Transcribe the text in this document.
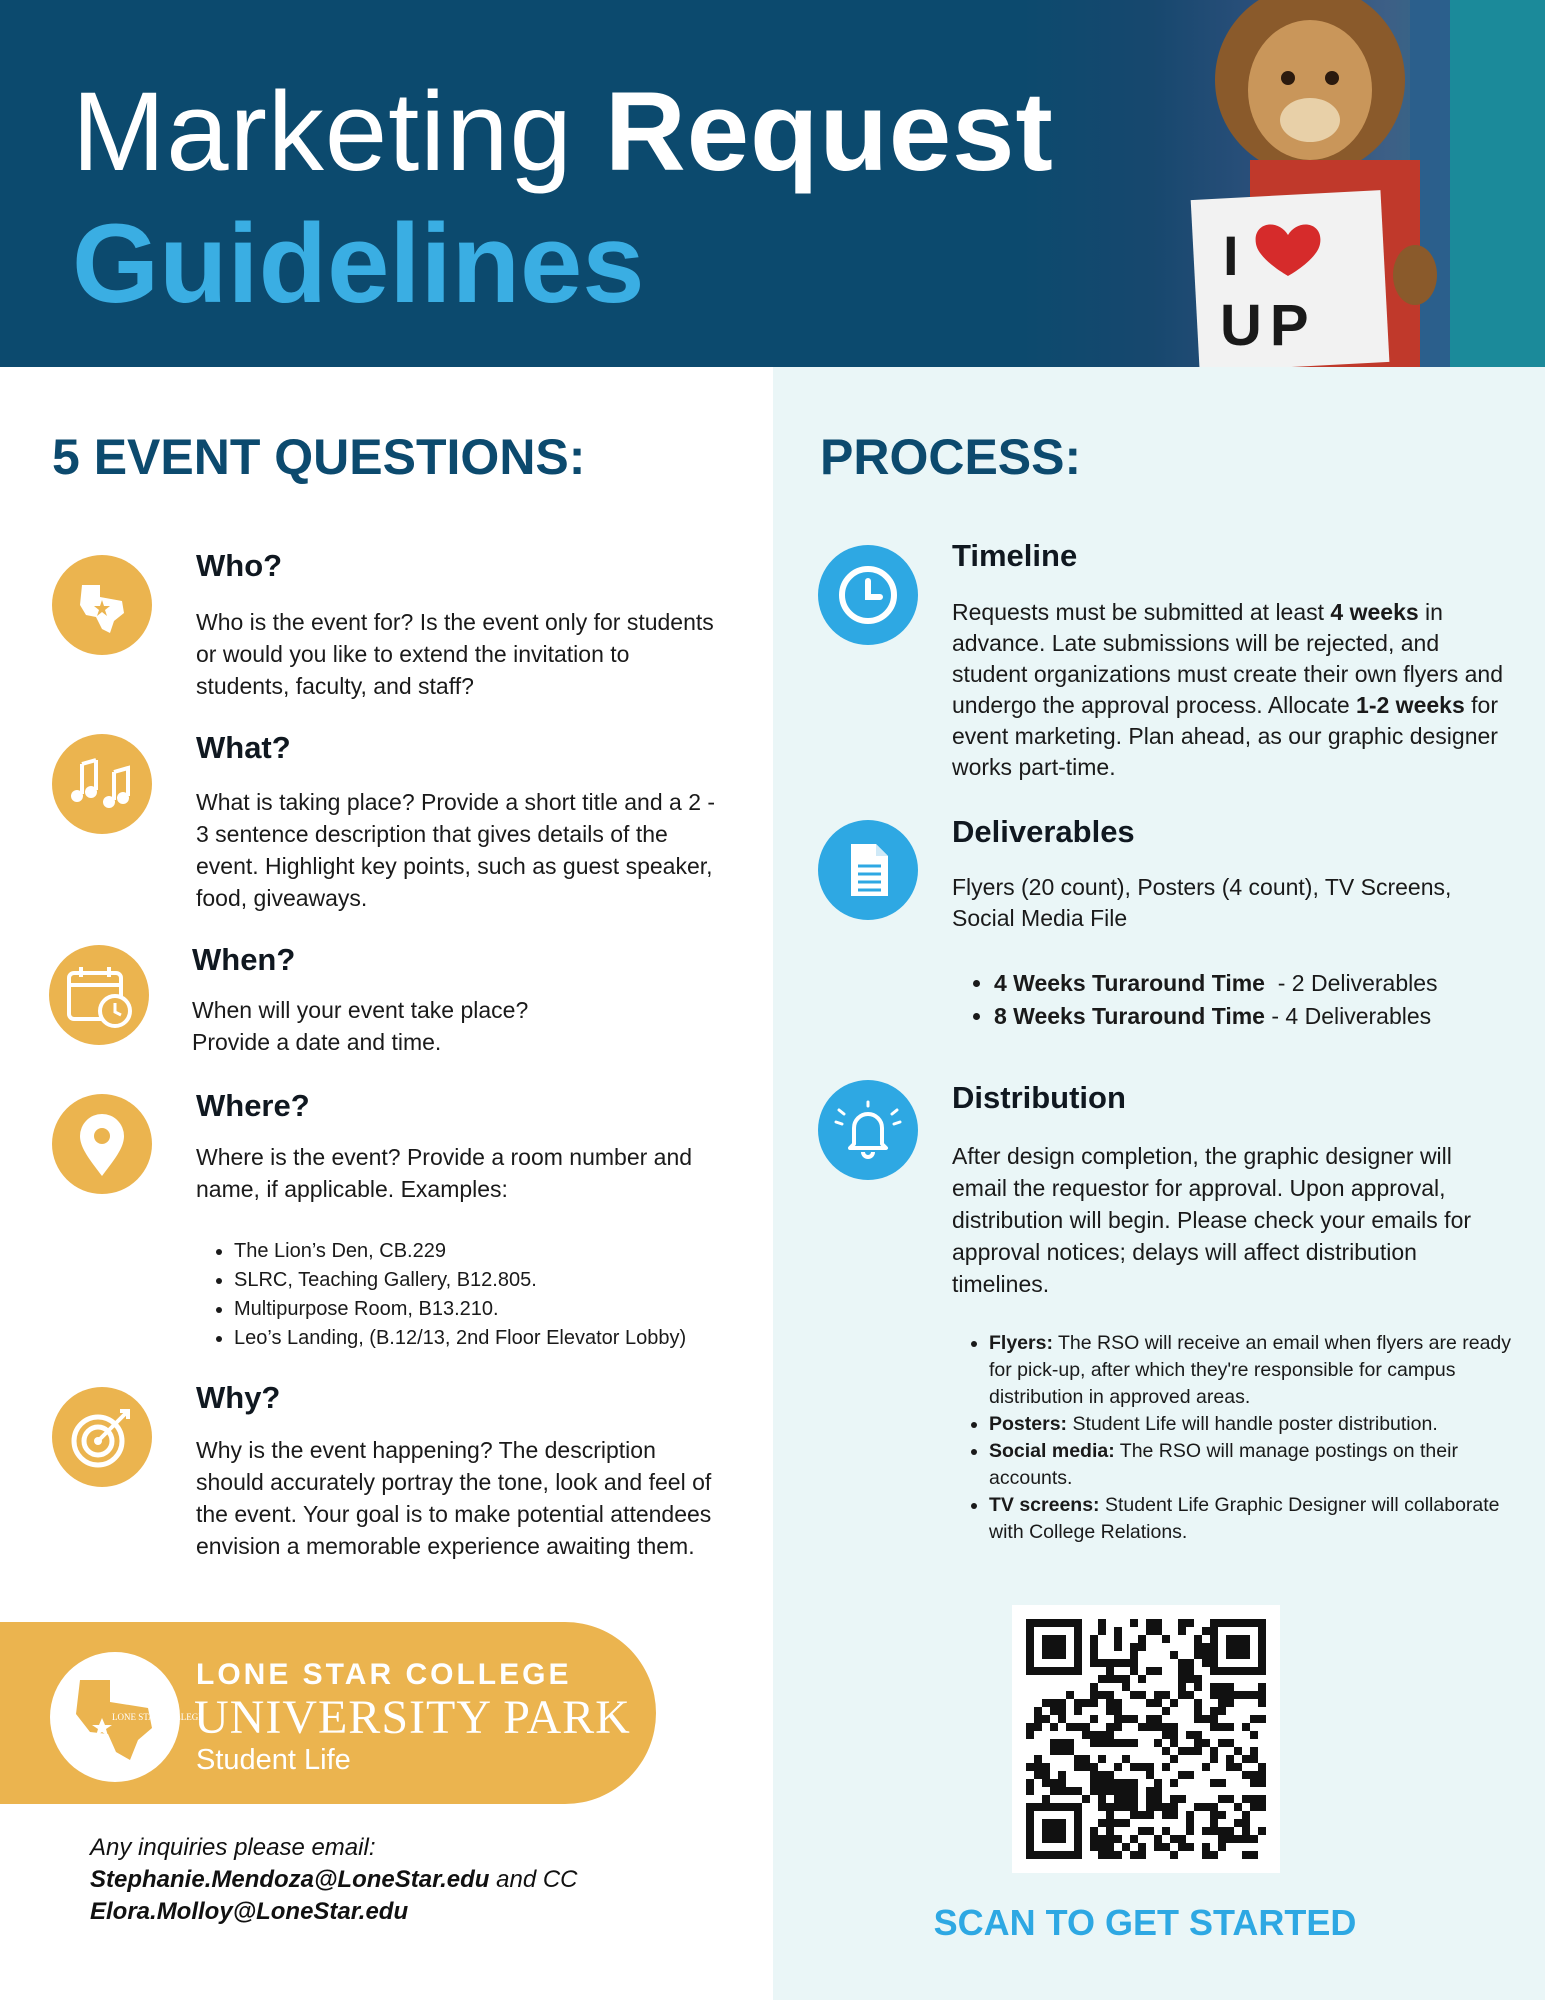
I
UP
Marketing Request
Guidelines
5 EVENT QUESTIONS:
Who?
Who is the event for? Is the event only for students or would you like to extend the invitation to students, faculty, and staff?
What?
What is taking place? Provide a short title and a 2 - 3 sentence description that gives details of the event. Highlight key points, such as guest speaker, food, giveaways.
When?
When will your event take place?
Provide a date and time.
Where?
Where is the event? Provide a room number and name, if applicable. Examples:
• The Lion’s Den, CB.229
• SLRC, Teaching Gallery, B12.805.
• Multipurpose Room, B13.210.
• Leo’s Landing, (B.12/13, 2nd Floor Elevator Lobby)
Why?
Why is the event happening? The description should accurately portray the tone, look and feel of the event. Your goal is to make potential attendees envision a memorable experience awaiting them.
LONE STAR COLLEGE
LONE STAR COLLEGE
UNIVERSITY PARK
Student Life
Any inquiries please email:
Stephanie.Mendoza@LoneStar.edu and CC
Elora.Molloy@LoneStar.edu
PROCESS:
Timeline
Requests must be submitted at least 4 weeks in advance. Late submissions will be rejected, and student organizations must create their own flyers and undergo the approval process. Allocate 1-2 weeks for event marketing. Plan ahead, as our graphic designer works part-time.
Deliverables
Flyers (20 count), Posters (4 count), TV Screens, Social Media File
• 4 Weeks Turaround Time  - 2 Deliverables
• 8 Weeks Turaround Time - 4 Deliverables
Distribution
After design completion, the graphic designer will email the requestor for approval. Upon approval, distribution will begin. Please check your emails for approval notices; delays will affect distribution timelines.
• Flyers: The RSO will receive an email when flyers are ready for pick-up, after which they're responsible for campus distribution in approved areas.
• Posters: Student Life will handle poster distribution.
• Social media: The RSO will manage postings on their accounts.
• TV screens: Student Life Graphic Designer will collaborate with College Relations.
SCAN TO GET STARTED
